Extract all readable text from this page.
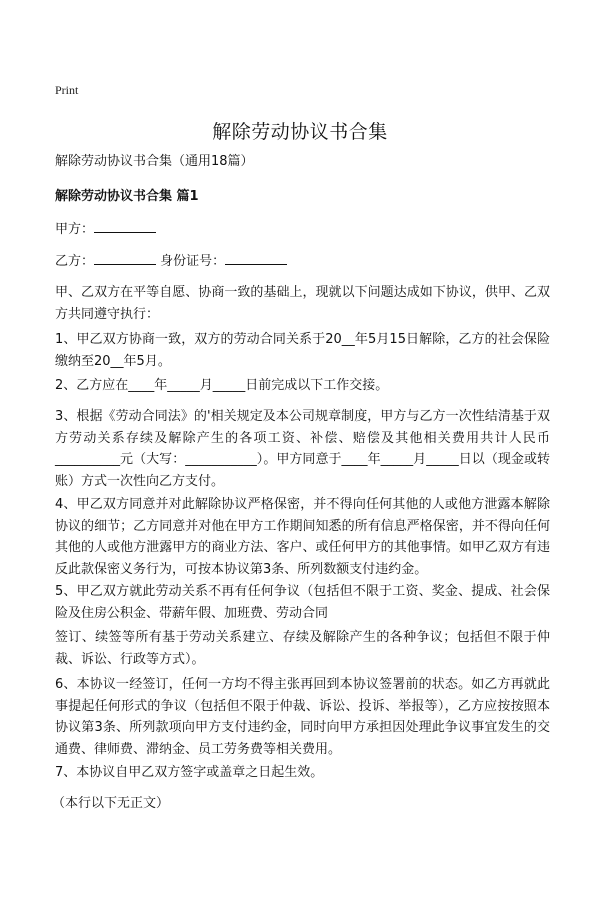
Print
解除劳动协议书合集
解除劳动协议书合集（通用18篇）
解除劳动协议书合集 篇1
甲方：
乙方：	身份证号：
甲、乙双方在平等自愿、协商一致的基础上，现就以下问题达成如下协议，供甲、乙双方共同遵守执行：
1、甲乙双方协商一致，双方的劳动合同关系于20__年5月15日解除，乙方的社会保险缴纳至20__年5月。
2、乙方应在____年_____月_____日前完成以下工作交接。
3、根据《劳动合同法》的'相关规定及本公司规章制度，甲方与乙方一次性结清基于双方劳动关系存续及解除产生的各项工资、补偿、赔偿及其他相关费用共计人民币__________元（大写：___________）。甲方同意于____年_____月_____日以（现金或转账）方式一次性向乙方支付。
4、甲乙双方同意并对此解除协议严格保密，并不得向任何其他的人或他方泄露本解除协议的细节；乙方同意并对他在甲方工作期间知悉的所有信息严格保密，并不得向任何其他的人或他方泄露甲方的商业方法、客户、或任何甲方的其他事情。如甲乙双方有违反此款保密义务行为，可按本协议第3条、所列数额支付违约金。
5、甲乙双方就此劳动关系不再有任何争议（包括但不限于工资、奖金、提成、社会保险及住房公积金、带薪年假、加班费、劳动合同
签订、续签等所有基于劳动关系建立、存续及解除产生的各种争议；包括但不限于仲裁、诉讼、行政等方式）。
6、本协议一经签订，任何一方均不得主张再回到本协议签署前的状态。如乙方再就此事提起任何形式的争议（包括但不限于仲裁、诉讼、投诉、举报等），乙方应按按照本协议第3条、所列款项向甲方支付违约金，同时向甲方承担因处理此争议事宜发生的交通费、律师费、滞纳金、员工劳务费等相关费用。
7、本协议自甲乙双方签字或盖章之日起生效。
（本行以下无正文）
